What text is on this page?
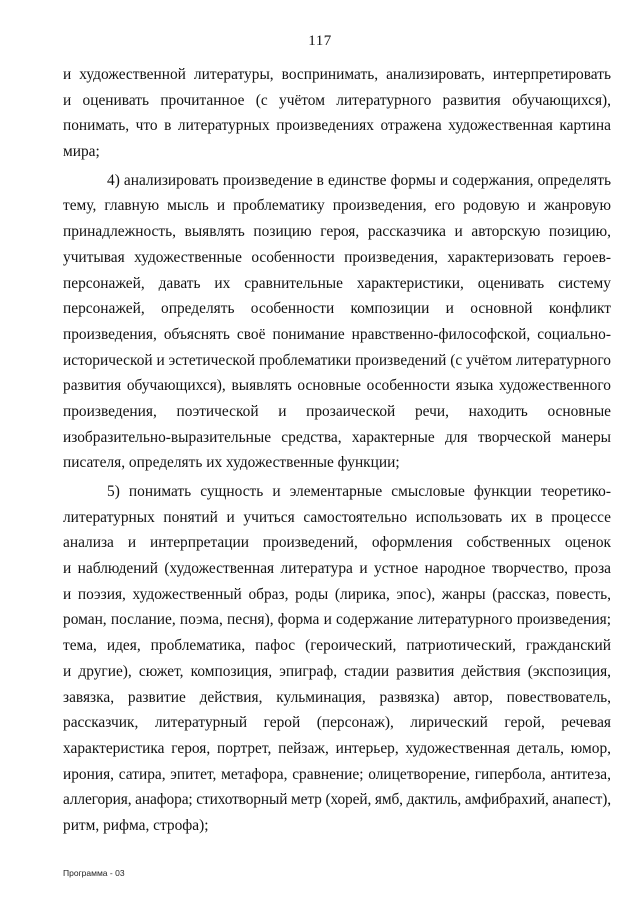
117
и художественной литературы, воспринимать, анализировать, интерпретировать
и оценивать прочитанное (с учётом литературного развития обучающихся),
понимать, что в литературных произведениях отражена художественная картина
мира;
4) анализировать произведение в единстве формы и содержания, определять
тему, главную мысль и проблематику произведения, его родовую и жанровую
принадлежность, выявлять позицию героя, рассказчика и авторскую позицию,
учитывая художественные особенности произведения, характеризовать героев-
персонажей, давать их сравнительные характеристики, оценивать систему
персонажей, определять особенности композиции и основной конфликт
произведения, объяснять своё понимание нравственно-философской, социально-
исторической и эстетической проблематики произведений (с учётом литературного
развития обучающихся), выявлять основные особенности языка художественного
произведения, поэтической и прозаической речи, находить основные
изобразительно-выразительные средства, характерные для творческой манеры
писателя, определять их художественные функции;
5) понимать сущность и элементарные смысловые функции теоретико-
литературных понятий и учиться самостоятельно использовать их в процессе
анализа и интерпретации произведений, оформления собственных оценок
и наблюдений (художественная литература и устное народное творчество, проза
и поэзия, художественный образ, роды (лирика, эпос), жанры (рассказ, повесть,
роман, послание, поэма, песня), форма и содержание литературного произведения;
тема, идея, проблематика, пафос (героический, патриотический, гражданский
и другие), сюжет, композиция, эпиграф, стадии развития действия (экспозиция,
завязка, развитие действия, кульминация, развязка) автор, повествователь,
рассказчик, литературный герой (персонаж), лирический герой, речевая
характеристика героя, портрет, пейзаж, интерьер, художественная деталь, юмор,
ирония, сатира, эпитет, метафора, сравнение; олицетворение, гипербола, антитеза,
аллегория, анафора; стихотворный метр (хорей, ямб, дактиль, амфибрахий, анапест),
ритм, рифма, строфа);
Программа - 03
